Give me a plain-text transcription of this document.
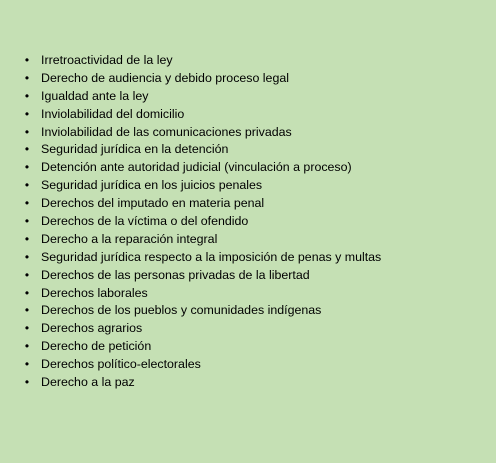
• Irretroactividad de la ley
• Derecho de audiencia y debido proceso legal
• Igualdad ante la ley
• Inviolabilidad del domicilio
• Inviolabilidad de las comunicaciones privadas
• Seguridad jurídica en la detención
• Detención ante autoridad judicial (vinculación a proceso)
• Seguridad jurídica en los juicios penales
• Derechos del imputado en materia penal
• Derechos de la víctima o del ofendido
• Derecho a la reparación integral
• Seguridad jurídica respecto a la imposición de penas y multas
• Derechos de las personas privadas de la libertad
• Derechos laborales
• Derechos de los pueblos y comunidades indígenas
• Derechos agrarios
• Derecho de petición
• Derechos político-electorales
• Derecho a la paz
